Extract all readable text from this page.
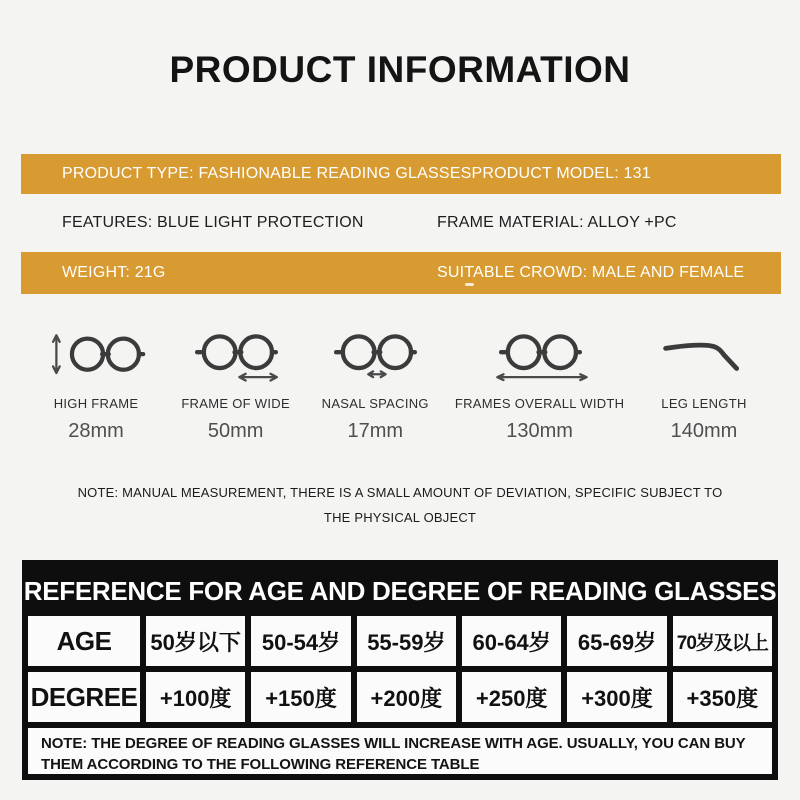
PRODUCT INFORMATION
PRODUCT TYPE: FASHIONABLE READING GLASSES PRODUCT MODEL: 131
FEATURES: BLUE LIGHT PROTECTION	FRAME MATERIAL: ALLOY +PC
WEIGHT: 21G	SUITABLE CROWD: MALE AND FEMALE
HIGH FRAME
28mm
FRAME OF WIDE
50mm
NASAL SPACING
17mm
FRAMES OVERALL WIDTH
130mm
LEG LENGTH
140mm

NOTE: MANUAL MEASUREMENT, THERE IS A SMALL AMOUNT OF DEVIATION, SPECIFIC SUBJECT TO THE PHYSICAL OBJECT

REFERENCE FOR AGE AND DEGREE OF READING GLASSES
AGE	50岁以下 50-54岁	55-59岁	60-64岁	65-69岁	70岁及以上
DEGREE	+100度	+150度	+200度	+250度	+300度	+350度
NOTE: THE DEGREE OF READING GLASSES WILL INCREASE WITH AGE. USUALLY, YOU CAN BUY THEM ACCORDING TO THE FOLLOWING REFERENCE TABLE
